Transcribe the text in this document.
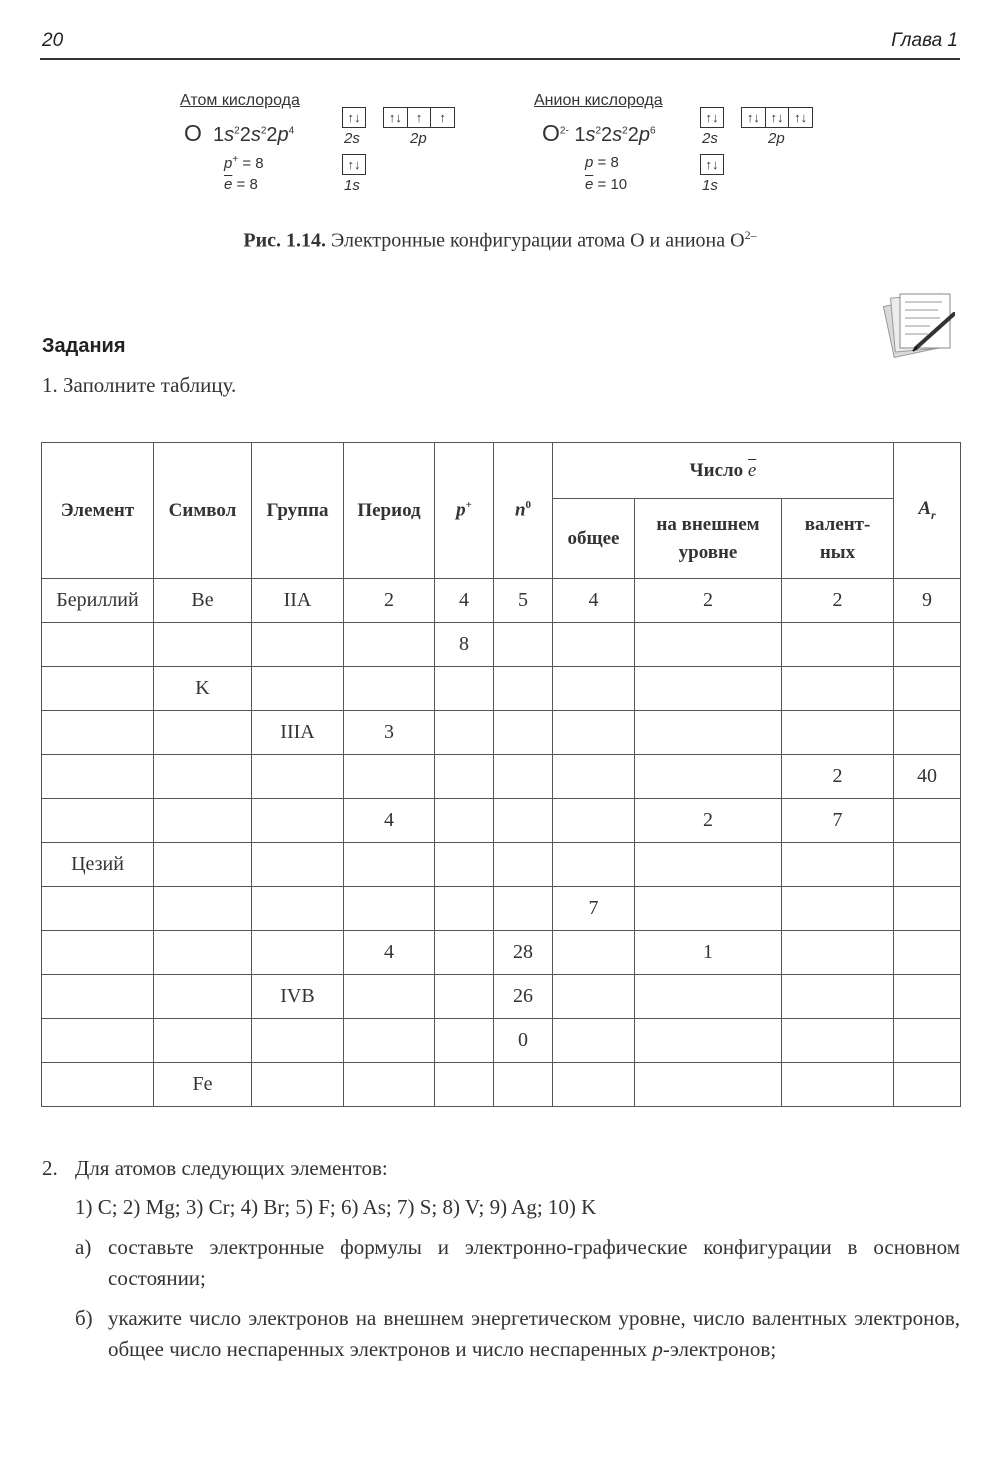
20	Глава 1
Атом кислорода
O $1s^22s^22p^4$
p+ = 8
$\overline{e} = 8$
↑↓	↑↓	↑	↑
2s	2p
↑↓
1s
Анион кислорода
$O^{2-}$ $1s^22s^22p^6$
p = 8
$\overline{e} = 10$
↑↓	↑↓ ↑↓ ↑↓
2s	2p
↑↓
1s
Рис. 1.14. Электронные конфигурации атома O и аниона $O^{2-}$
Задания
1. Заполните таблицу.
Элемент	Символ	Группа	Период	p+	$n^0$	Число $\overline{e}$			$A_r$
						общее	на внешнем уровне	валент-ных	
Бериллий	Be	IIA	2	4	5	4	2	2	9
				8					
	K								
		IIIA	3						
								2	40
			4				2	7	
Цезий									
						7			
			4		28		1		
		IVB			26				
					0				
	Fe								
2. Для атомов следующих элементов:
1) C; 2) Mg; 3) Cr; 4) Br; 5) F; 6) As; 7) S; 8) V; 9) Ag; 10) K
а) составьте электронные формулы и электронно-графические конфигурации в основном состоянии;
б) укажите число электронов на внешнем энергетическом уровне, число валентных электронов, общее число неспаренных электронов и число неспаренных p-электронов;
